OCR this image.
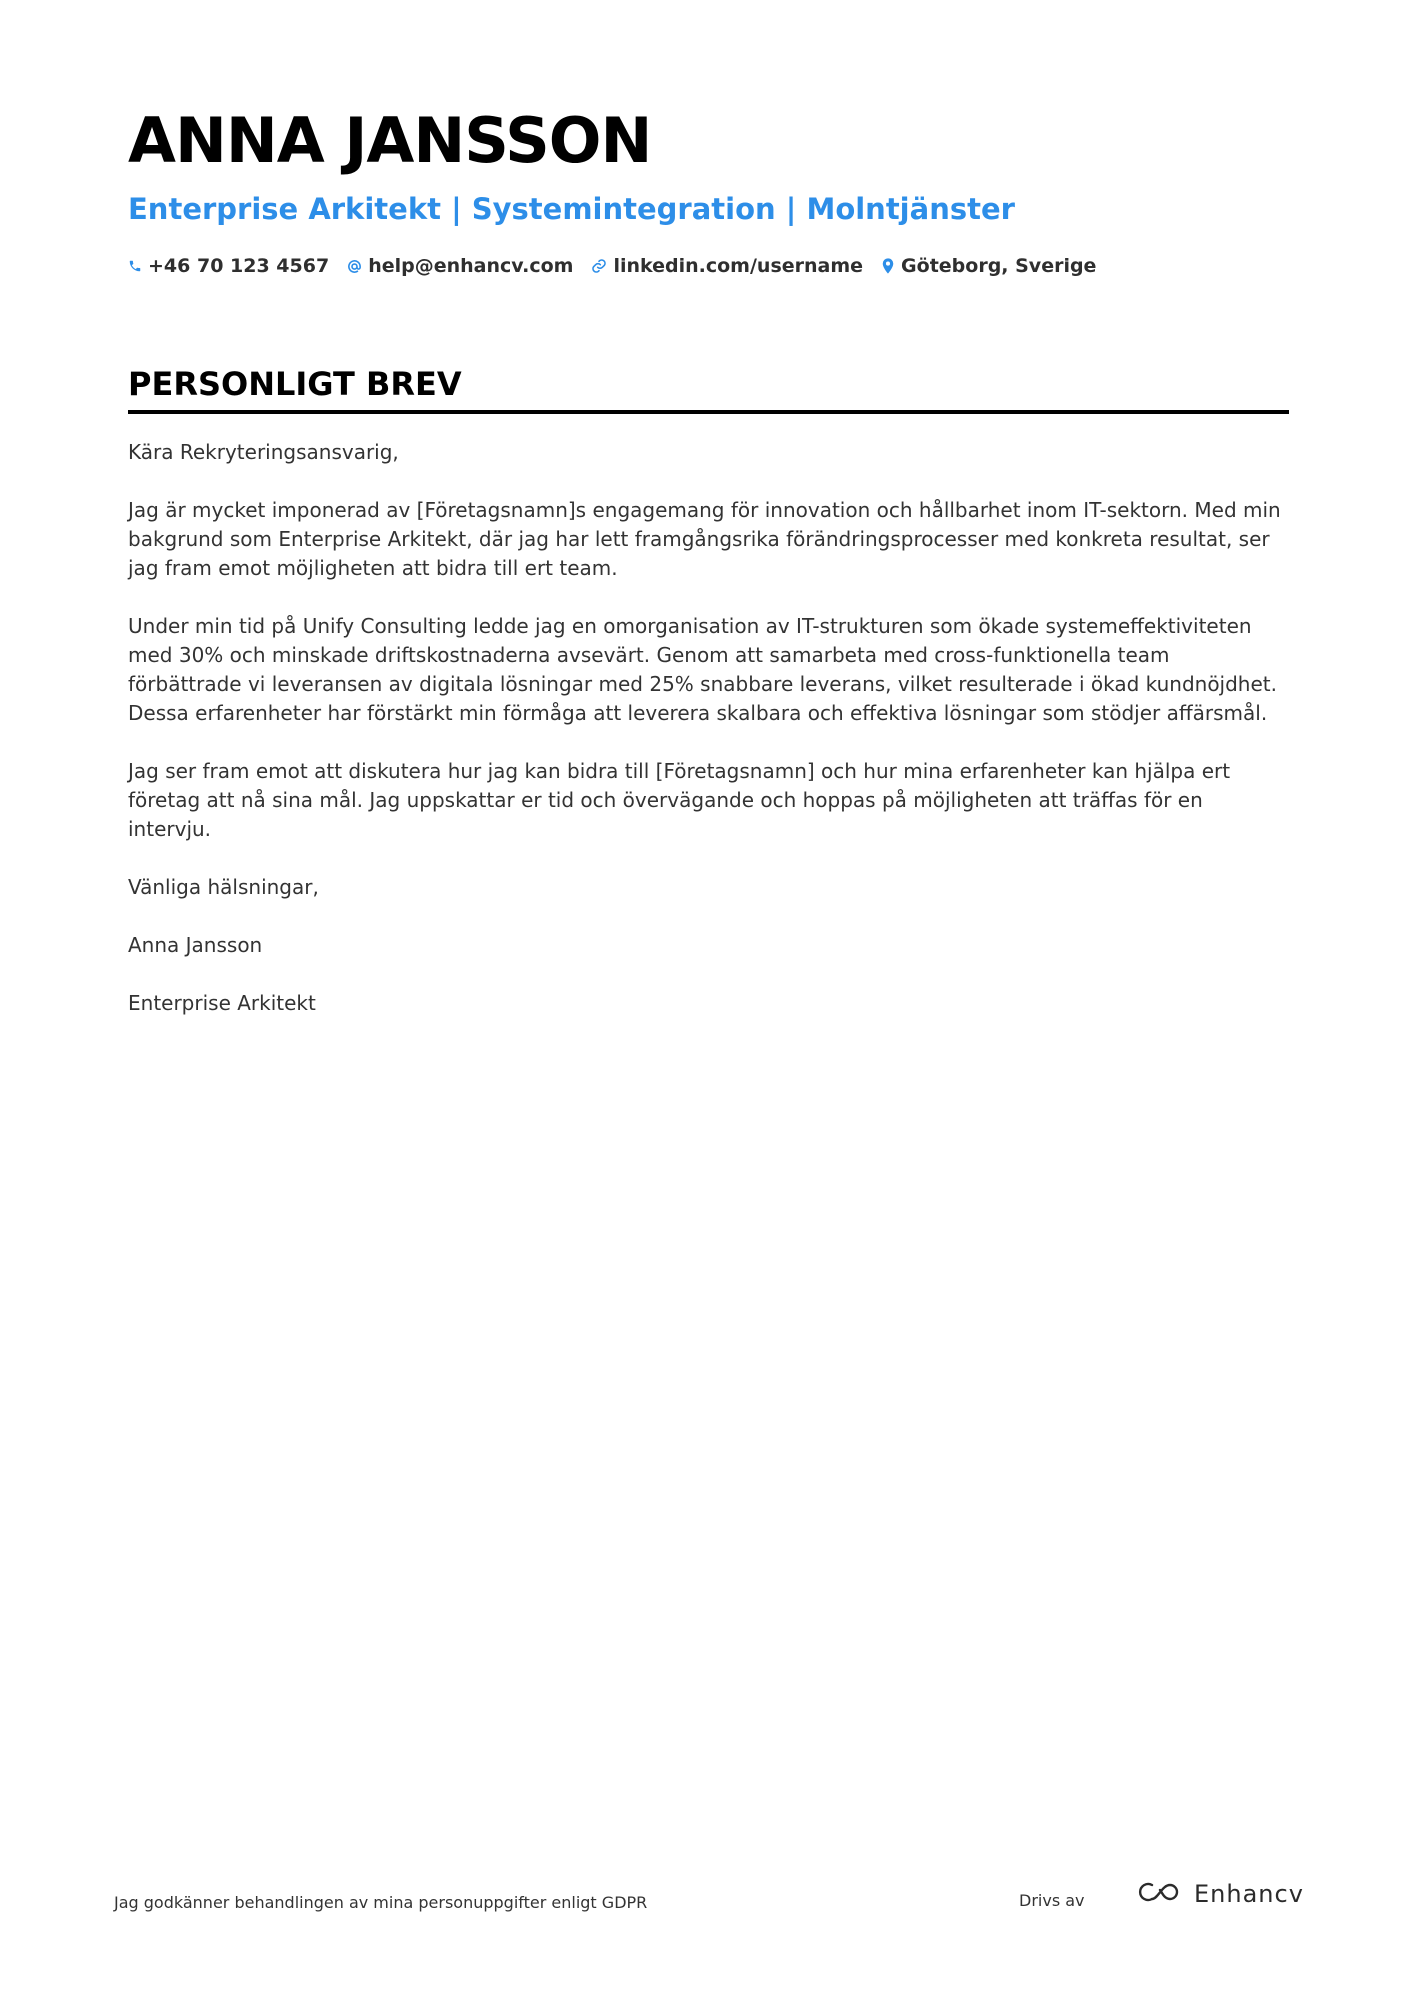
ANNA JANSSON
Enterprise Arkitekt | Systemintegration | Molntjänster
+46 70 123 4567 help@enhancv.com linkedin.com/username Göteborg, Sverige
PERSONLIGT BREV

Kära Rekryteringsansvarig,

Jag är mycket imponerad av [Företagsnamn]s engagemang för innovation och hållbarhet inom IT-sektorn. Med min bakgrund som Enterprise Arkitekt, där jag har lett framgångsrika förändringsprocesser med konkreta resultat, ser jag fram emot möjligheten att bidra till ert team.

Under min tid på Unify Consulting ledde jag en omorganisation av IT-strukturen som ökade systemeffektiviteten med 30% och minskade driftskostnaderna avsevärt. Genom att samarbeta med cross-funktionella team förbättrade vi leveransen av digitala lösningar med 25% snabbare leverans, vilket resulterade i ökad kundnöjdhet. Dessa erfarenheter har förstärkt min förmåga att leverera skalbara och effektiva lösningar som stödjer affärsmål.

Jag ser fram emot att diskutera hur jag kan bidra till [Företagsnamn] och hur mina erfarenheter kan hjälpa ert företag att nå sina mål. Jag uppskattar er tid och övervägande och hoppas på möjligheten att träffas för en intervju.

Vänliga hälsningar,

Anna Jansson

Enterprise Arkitekt

Jag godkänner behandlingen av mina personuppgifter enligt GDPR	Drivs av	Enhancv
